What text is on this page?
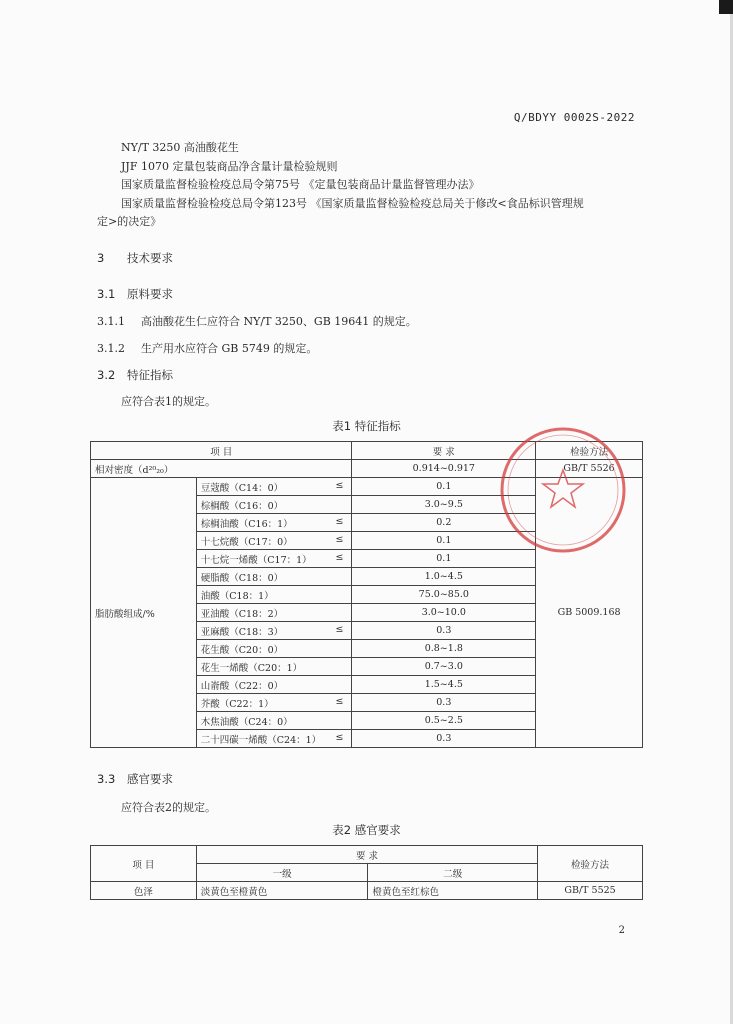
Q/BDYY 0002S-2022
NY/T 3250 高油酸花生
JJF 1070 定量包装商品净含量计量检验规则
国家质量监督检验检疫总局令第75号 《定量包装商品计量监督管理办法》
国家质量监督检验检疫总局令第123号 《国家质量监督检验检疫总局关于修改<食品标识管理规
定>的决定》
3 技术要求
3.1 原料要求
3.1.1 高油酸花生仁应符合 NY/T 3250、GB 19641 的规定。
3.1.2 生产用水应符合 GB 5749 的规定。
3.2 特征指标
应符合表1的规定。
表1 特征指标
项 目		要 求	检验方法
相对密度（d²⁰₂₀）		0.914~0.917	GB/T 5526
脂肪酸组成/%	豆蔻酸（C14：0） ≤	0.1	GB 5009.168
	棕榈酸（C16：0）	3.0~9.5	
	棕榈油酸（C16：1） ≤	0.2	
	十七烷酸（C17：0） ≤	0.1	
	十七烷一烯酸（C17：1） ≤	0.1	
	硬脂酸（C18：0）	1.0~4.5	
	油酸（C18：1）	75.0~85.0	
	亚油酸（C18：2）	3.0~10.0	
	亚麻酸（C18：3） ≤	0.3	
	花生酸（C20：0）	0.8~1.8	
	花生一烯酸（C20：1）	0.7~3.0	
	山嵛酸（C22：0）	1.5~4.5	
	芥酸（C22：1） ≤	0.3	
	木焦油酸（C24：0）	0.5~2.5	
	二十四碳一烯酸（C24：1） ≤	0.3	
3.3 感官要求
应符合表2的规定。
表2 感官要求
项 目	要 求		检验方法
	一级	二级	
色泽	淡黄色至橙黄色	橙黄色至红棕色	GB/T 5525
2
